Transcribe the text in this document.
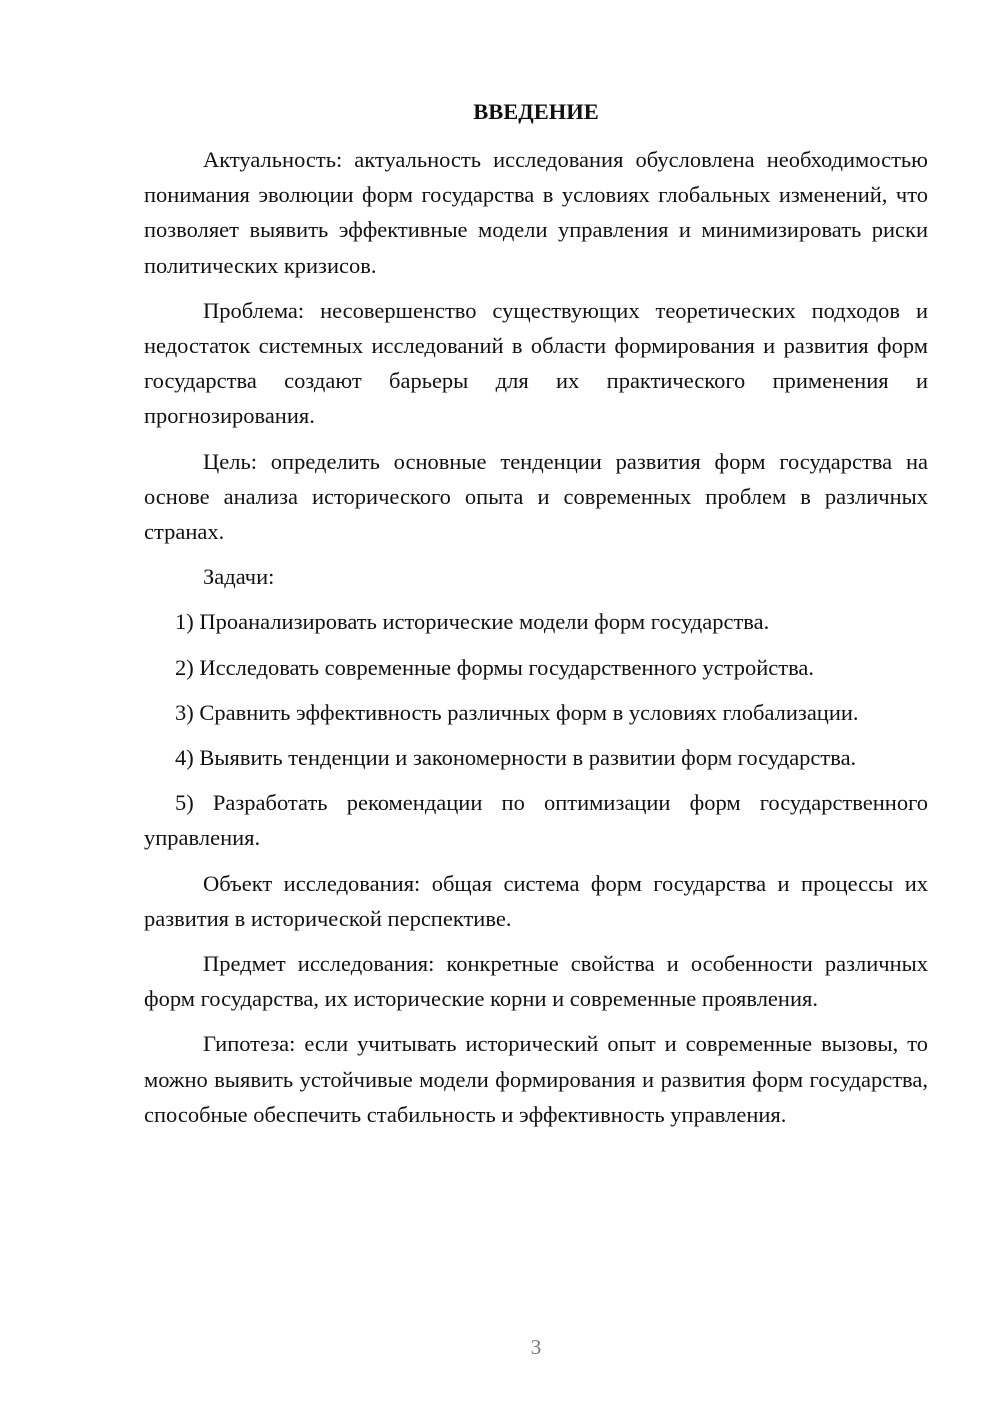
ВВЕДЕНИЕ

Актуальность: актуальность исследования обусловлена необходимостью понимания эволюции форм государства в условиях глобальных изменений, что позволяет выявить эффективные модели управления и минимизировать риски политических кризисов.

Проблема: несовершенство существующих теоретических подходов и недостаток системных исследований в области формирования и развития форм государства создают барьеры для их практического применения и прогнозирования.

Цель: определить основные тенденции развития форм государства на основе анализа исторического опыта и современных проблем в различных странах.

Задачи:

1) Проанализировать исторические модели форм государства.

2) Исследовать современные формы государственного устройства.

3) Сравнить эффективность различных форм в условиях глобализации.

4) Выявить тенденции и закономерности в развитии форм государства.

5) Разработать рекомендации по оптимизации форм государственного управления.

Объект исследования: общая система форм государства и процессы их развития в исторической перспективе.

Предмет исследования: конкретные свойства и особенности различных форм государства, их исторические корни и современные проявления.

Гипотеза: если учитывать исторический опыт и современные вызовы, то можно выявить устойчивые модели формирования и развития форм государства, способные обеспечить стабильность и эффективность управления.

3
